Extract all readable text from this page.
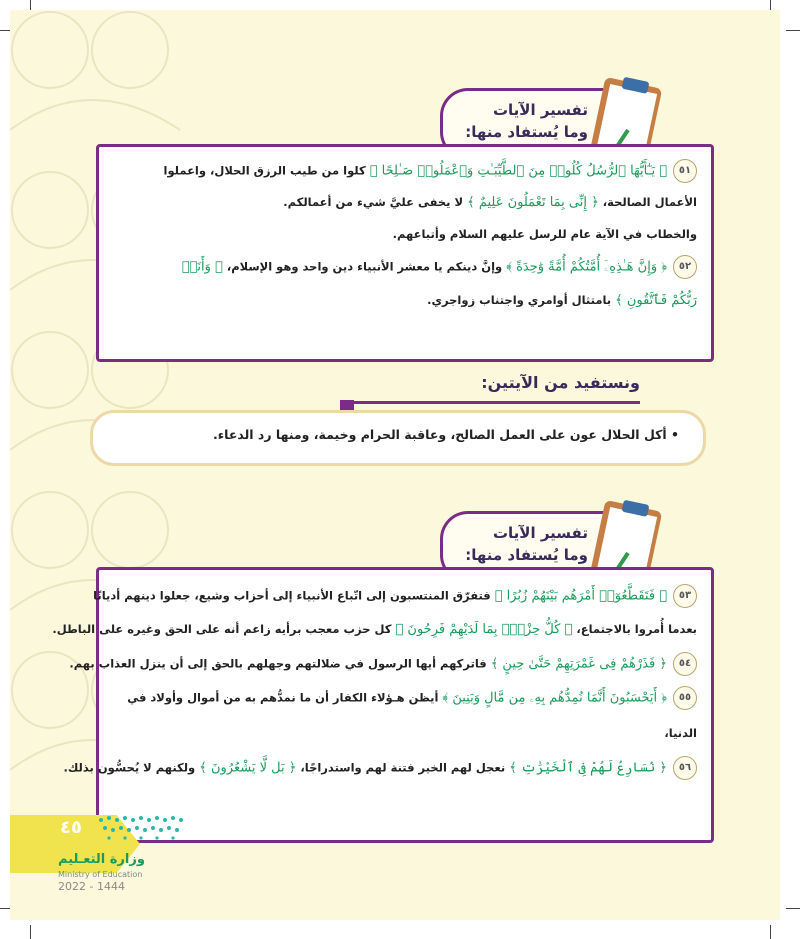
تفسير الآيات
وما يُستفاد منها:
٥١﴿ يَـٰٓأَيُّهَا ٱلرُّسُلُ كُلُوا۟ مِنَ ٱلطَّيِّبَـٰتِ وَٱعْمَلُوا۟ صَـٰلِحًا ﴾ كلوا من طيب الرزق الحلال، واعملوا
الأعمال الصالحة، ﴿ إِنِّى بِمَا تَعْمَلُونَ عَلِيمٌ ﴾ لا يخفى عليَّ شيء من أعمالكم.
والخطاب في الآية عام للرسل عليهم السلام وأتباعهم.
٥٢﴿ وَإِنَّ هَـٰذِهِۦٓ أُمَّتُكُمْ أُمَّةً وَٰحِدَةً ﴾ وإنَّ دينكم يا معشر الأنبياء دين واحد وهو الإسلام، ﴿ وَأَنَا۠
رَبُّكُمْ فَٱتَّقُونِ ﴾ بامتثال أوامري واجتناب زواجري.
ونستفيد من الآيتين:
• أكل الحلال عون على العمل الصالح، وعاقبة الحرام وخيمة، ومنها رد الدعاء.
تفسير الآيات
وما يُستفاد منها:
٥٣﴿ فَتَقَطَّعُوٓا۟ أَمْرَهُم بَيْنَهُمْ زُبُرًا ﴾ فتفرّق المنتسبون إلى اتّباع الأنبياء إلى أحزاب وشيع، جعلوا دينهم أديانًا
بعدما أُمروا بالاجتماع، ﴿ كُلُّ حِزْبٍۭ بِمَا لَدَيْهِمْ فَرِحُونَ ﴾ كل حزب معجب برأيه زاعم أنه على الحق وغيره على الباطل.
٥٤﴿ فَذَرْهُمْ فِى غَمْرَتِهِمْ حَتَّىٰ حِينٍ ﴾ فاتركهم أيها الرسول في ضلالتهم وجهلهم بالحق إلى أن ينزل العذاب بهم.
٥٥﴿ أَيَحْسَبُونَ أَنَّمَا نُمِدُّهُم بِهِۦ مِن مَّالٍ وَبَنِينَ ﴾ أيظن هـؤلاء الكفار أن ما نمدُّهم به من أموال وأولاد في
الدنيا،
٥٦﴿ نُسَارِعُ لَهُمْ فِى ٱلْخَيْرَٰتِ ﴾ نعجل لهم الخير فتنة لهم واستدراجًا، ﴿ بَل لَّا يَشْعُرُونَ ﴾ ولكنهم لا يُحسُّون بذلك.
٤٥
وزارة التعـليم
Ministry of Education
2022 - 1444
